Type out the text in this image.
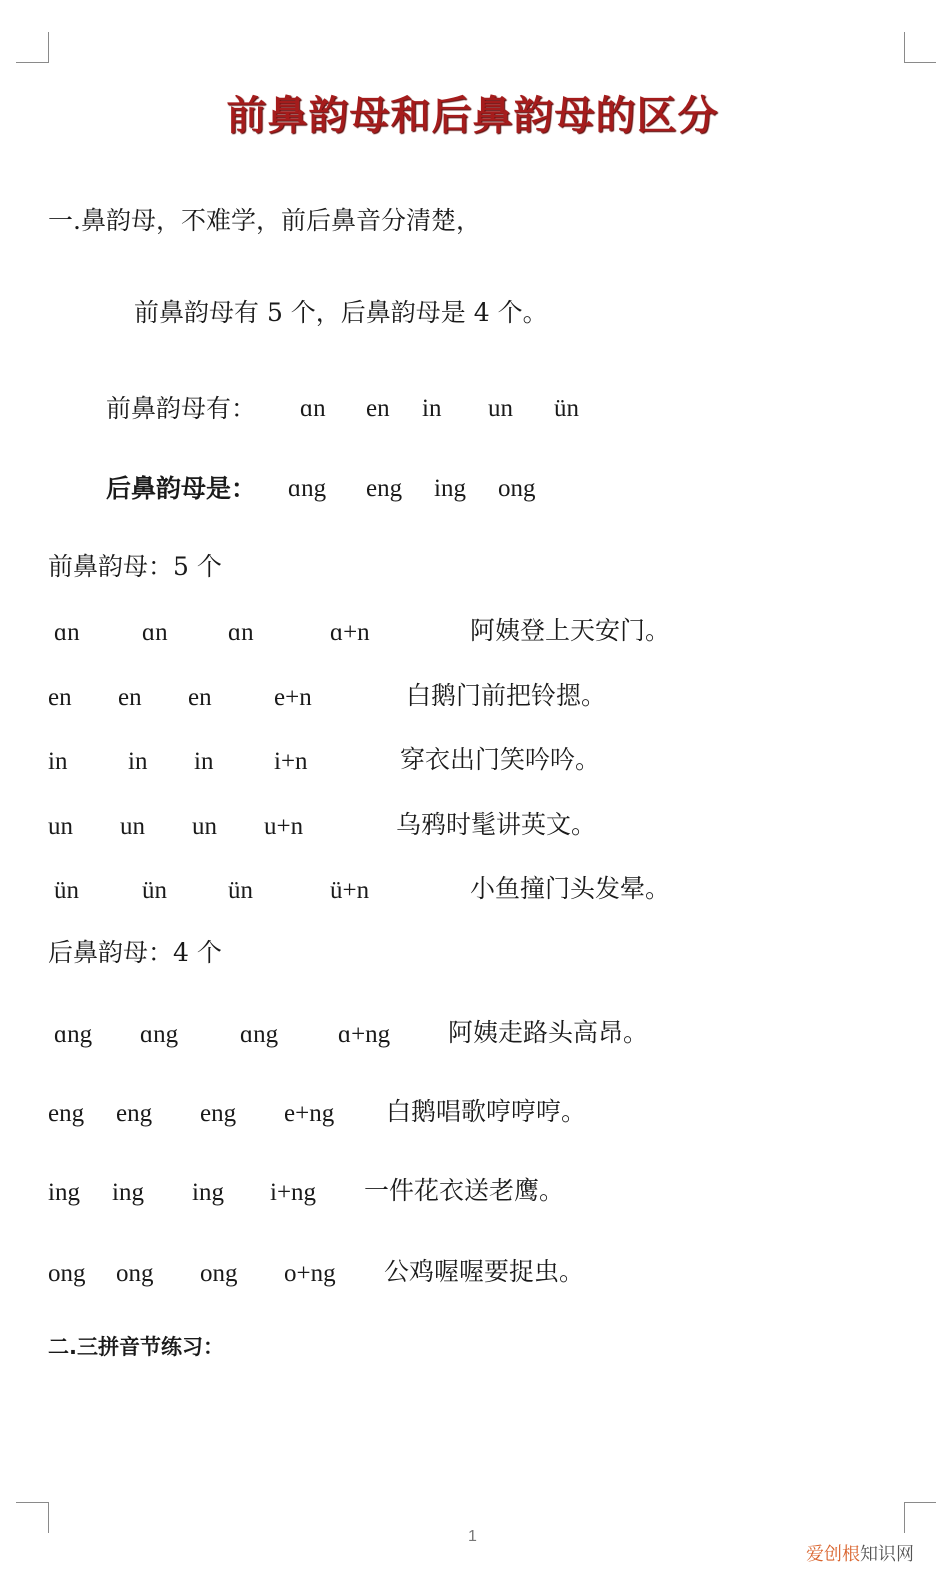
前鼻韵母和后鼻韵母的区分
一.鼻韵母，不难学，前后鼻音分清楚，
前鼻韵母有 5 个，后鼻韵母是 4 个。
前鼻韵母有： ɑn en in un ün
后鼻韵母是： ɑng eng ing ong
前鼻韵母：5 个
ɑn ɑn ɑn	ɑ+n	阿姨登上天安门。
en en en e+n	白鹅门前把铃摁。
in in in i+n	穿衣出门笑吟吟。
un un un u+n	乌鸦时髦讲英文。
ün	ün ün	ü+n	小鱼撞门头发晕。
后鼻韵母：4 个
ɑng ɑng ɑng ɑ+ng 阿姨走路头高昂。
eng eng eng e+ng 白鹅唱歌哼哼哼。
ing ing ing i+ng 一件花衣送老鹰。
ong ong ong o+ng 公鸡喔喔要捉虫。
二.三拼音节练习：
1
爱创根知识网
